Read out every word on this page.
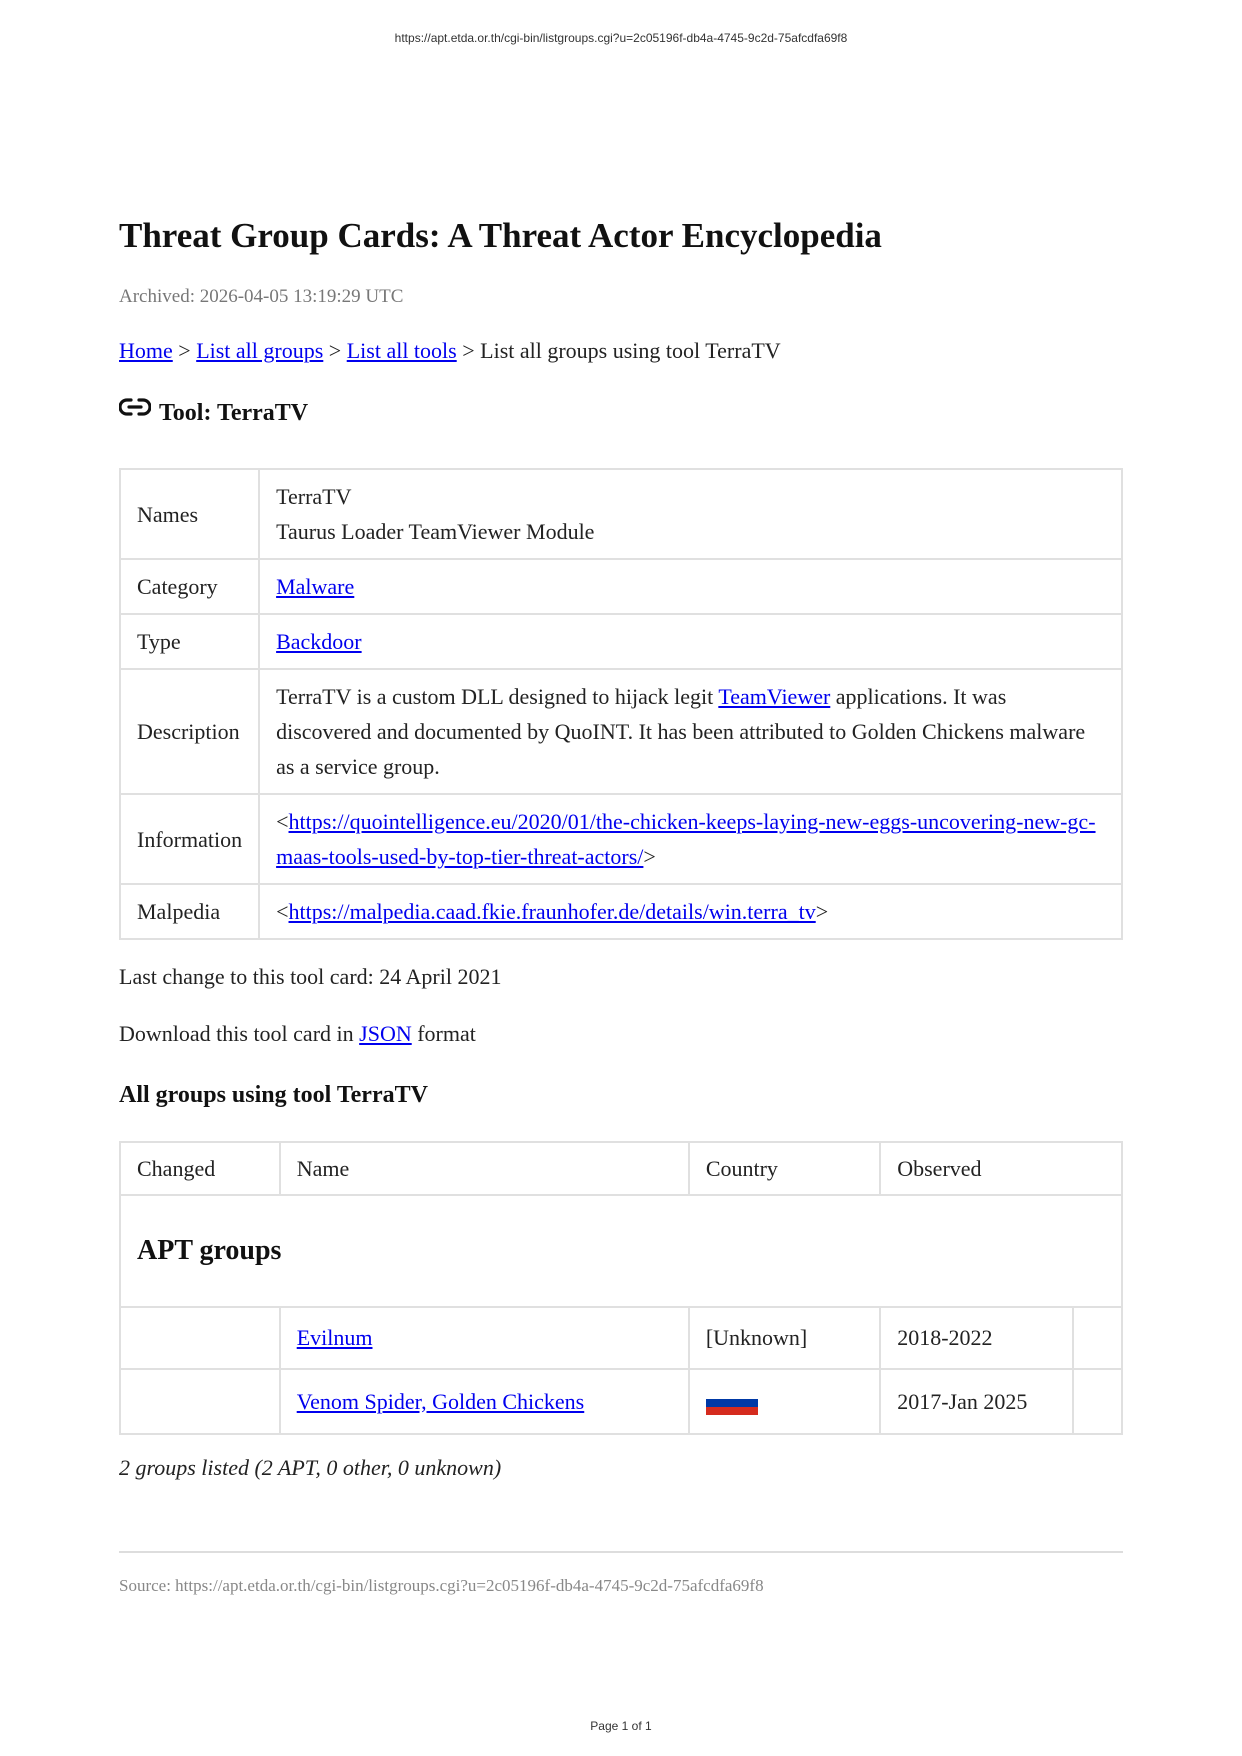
https://apt.etda.or.th/cgi-bin/listgroups.cgi?u=2c05196f-db4a-4745-9c2d-75afcdfa69f8
Threat Group Cards: A Threat Actor Encyclopedia
Archived: 2026-04-05 13:19:29 UTC
Home > List all groups > List all tools > List all groups using tool TerraTV
Tool: TerraTV
Names	TerraTV
Taurus Loader TeamViewer Module

Category	Malware
Type	Backdoor
Description	TerraTV is a custom DLL designed to hijack legit TeamViewer applications. It was discovered and documented by QuoINT. It has been attributed to Golden Chickens malware as a service group.
Information	<https://quointelligence.eu/2020/01/the-chicken-keeps-laying-new-eggs-uncovering-new-gc-maas-tools-used-by-top-tier-threat-actors/>
Malpedia	<https://malpedia.caad.fkie.fraunhofer.de/details/win.terra_tv>
Last change to this tool card: 24 April 2021
Download this tool card in JSON format
All groups using tool TerraTV
Changed	Name	Country	Observed	
APT groups				
	Evilnum	[Unknown]	2018-2022	
	Venom Spider, Golden Chickens		2017-Jan 2025	
2 groups listed (2 APT, 0 other, 0 unknown)
Source: https://apt.etda.or.th/cgi-bin/listgroups.cgi?u=2c05196f-db4a-4745-9c2d-75afcdfa69f8
Page 1 of 1
